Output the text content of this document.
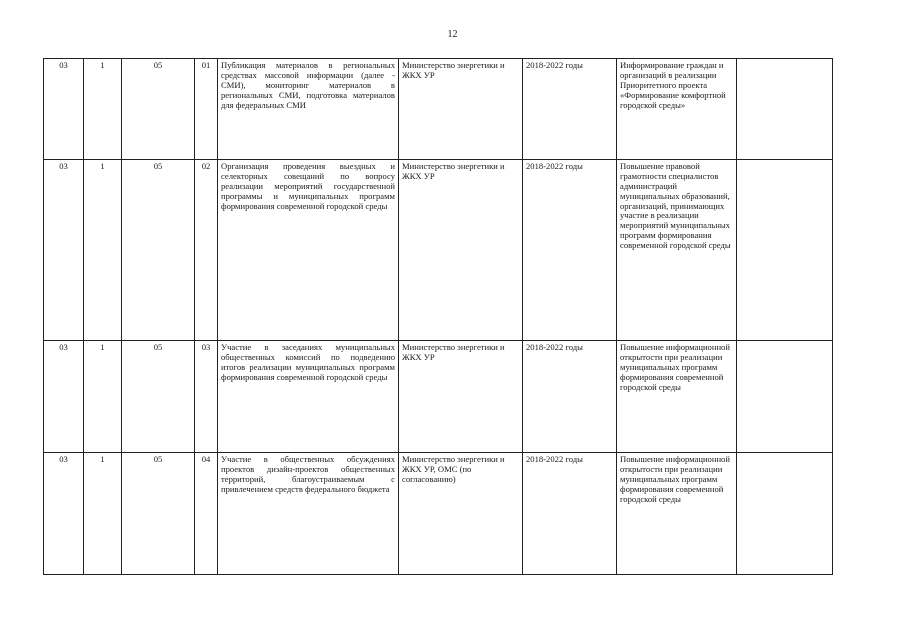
12
03	1	05	01	Публикация материалов в региональных средствах массовой информации (далее - СМИ), мониторинг материалов в региональных СМИ, подготовка материалов для федеральных СМИ	Министерство энергетики и ЖКХ УР	2018-2022 годы	Информирование граждан и организаций в реализации Приоритетного проекта «Формирование комфортной городской среды»	
03	1	05	02	Организация проведения выездных и селекторных совещаний по вопросу реализации мероприятий государственной программы и муниципальных программ формирования современной городской среды	Министерство энергетики и ЖКХ УР	2018-2022 годы	Повышение правовой грамотности специалистов администраций муниципальных образований, организаций, принимающих участие в реализации мероприятий муниципальных программ формирования современной городской среды	
03	1	05	03	Участие в заседаниях муниципальных общественных комиссий по подведению итогов реализации муниципальных программ формирования современной городской среды	Министерство энергетики и ЖКХ УР	2018-2022 годы	Повышение информационной открытости при реализации муниципальных программ формирования современной городской среды	
03	1	05	04	Участие в общественных обсуждениях проектов дизайн-проектов общественных территорий, благоустраиваемым с привлечением средств федерального бюджета	Министерство энергетики и ЖКХ УР, ОМС (по согласованию)	2018-2022 годы	Повышение информационной открытости при реализации муниципальных программ формирования современной городской среды	
